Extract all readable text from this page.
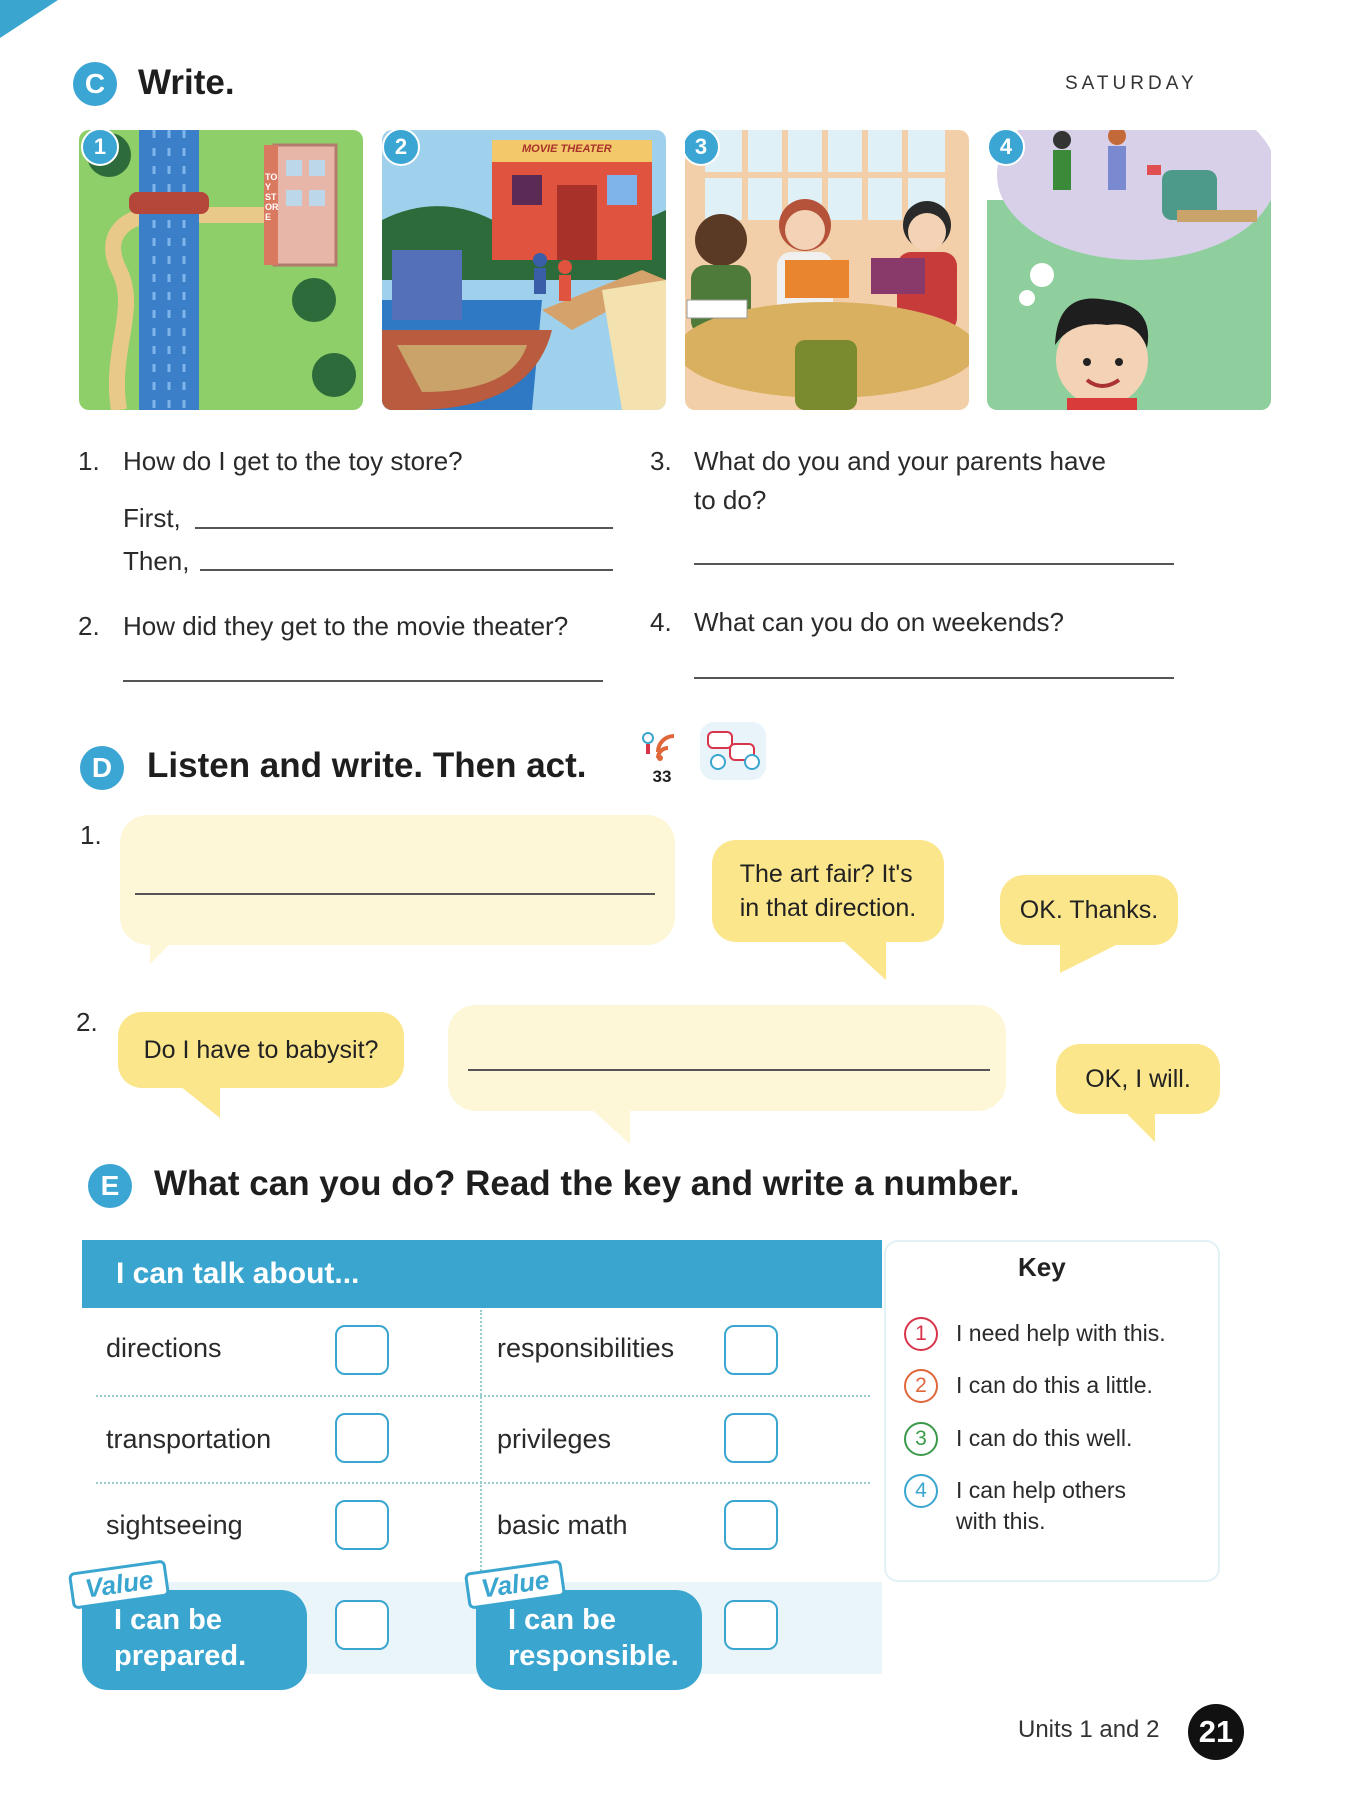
C Write.
1
TOY STORE
2	MOVIE THEATER	3	4
SATURDAY
1. How do I get to the toy store?
First,
Then,
2. How did they get to the movie theater?
3. What do you and your parents have
to do?
4. What can you do on weekends?
D Listen and write. Then act.	33
1.
The art fair? It's
in that direction.	OK. Thanks.
2.
Do I have to babysit?
OK, I will.
E What can you do? Read the key and write a number.
I can talk about...
directions	responsibilities
transportation	privileges
sightseeing	basic math
I can be
prepared.
Value
I can be
responsible.
Value
Key
1	I need help with this.
2	I can do this a little.
3	I can do this well.
4	I can help others
with this.
Units 1 and 2	21
